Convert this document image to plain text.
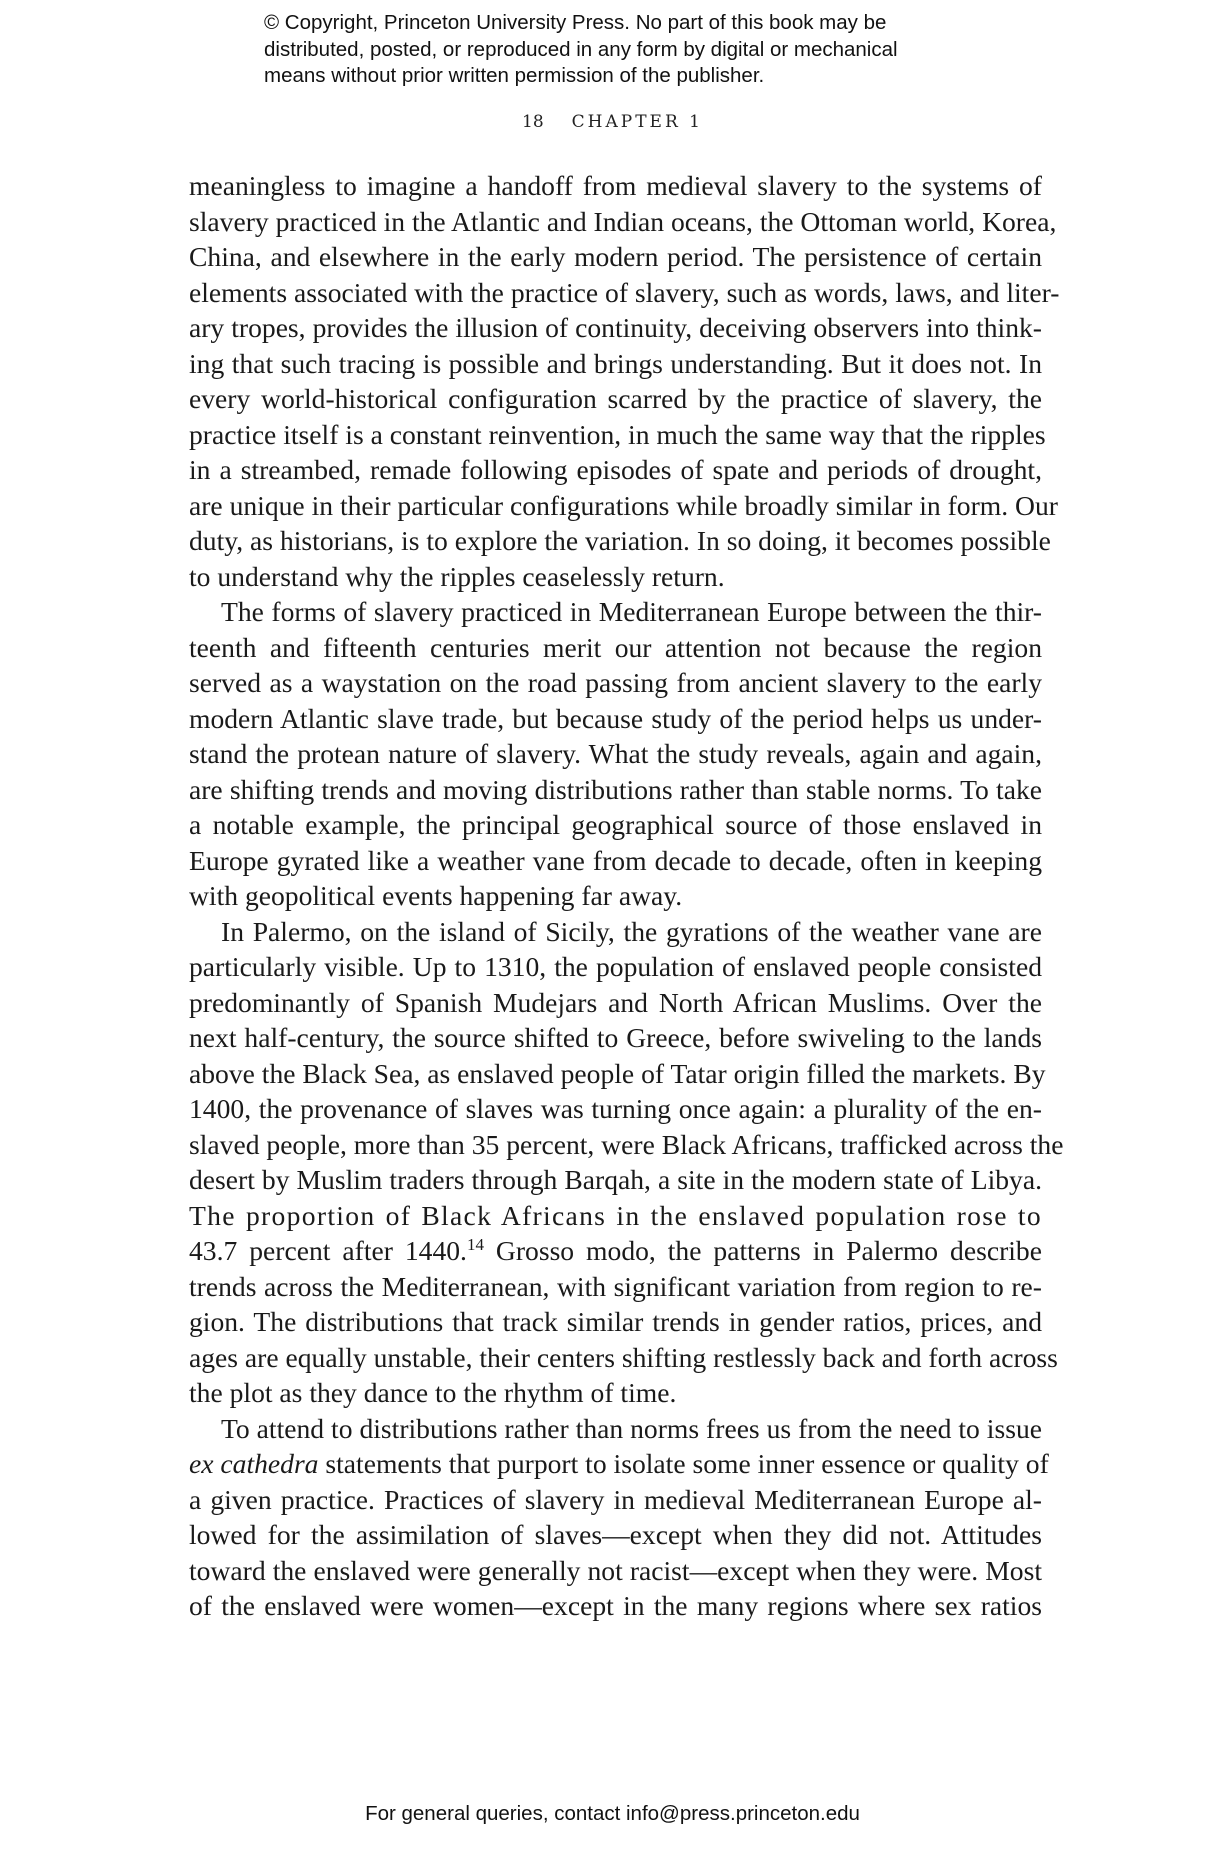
© Copyright, Princeton University Press. No part of this book may be
distributed, posted, or reproduced in any form by digital or mechanical
means without prior written permission of the publisher.
18 CHAPTER 1
meaningless to imagine a handoff from medieval slavery to the systems of
slavery practiced in the Atlantic and Indian oceans, the Ottoman world, Korea,
China, and elsewhere in the early modern period. The persistence of certain
elements associated with the practice of slavery, such as words, laws, and liter-
ary tropes, provides the illusion of continuity, deceiving observers into think-
ing that such tracing is possible and brings understanding. But it does not. In
every world-historical configuration scarred by the practice of slavery, the
practice itself is a constant reinvention, in much the same way that the ripples
in a streambed, remade following episodes of spate and periods of drought,
are unique in their particular configurations while broadly similar in form. Our
duty, as historians, is to explore the variation. In so doing, it becomes possible
to understand why the ripples ceaselessly return.
The forms of slavery practiced in Mediterranean Europe between the thir-
teenth and fifteenth centuries merit our attention not because the region
served as a waystation on the road passing from ancient slavery to the early
modern Atlantic slave trade, but because study of the period helps us under-
stand the protean nature of slavery. What the study reveals, again and again,
are shifting trends and moving distributions rather than stable norms. To take
a notable example, the principal geographical source of those enslaved in
Europe gyrated like a weather vane from decade to decade, often in keeping
with geopolitical events happening far away.
In Palermo, on the island of Sicily, the gyrations of the weather vane are
particularly visible. Up to 1310, the population of enslaved people consisted
predominantly of Spanish Mudejars and North African Muslims. Over the
next half-century, the source shifted to Greece, before swiveling to the lands
above the Black Sea, as enslaved people of Tatar origin filled the markets. By
1400, the provenance of slaves was turning once again: a plurality of the en-
slaved people, more than 35 percent, were Black Africans, trafficked across the
desert by Muslim traders through Barqah, a site in the modern state of Libya.
The proportion of Black Africans in the enslaved population rose to
43.7 percent after 1440.14 Grosso modo, the patterns in Palermo describe
trends across the Mediterranean, with significant variation from region to re-
gion. The distributions that track similar trends in gender ratios, prices, and
ages are equally unstable, their centers shifting restlessly back and forth across
the plot as they dance to the rhythm of time.
To attend to distributions rather than norms frees us from the need to issue
ex cathedra statements that purport to isolate some inner essence or quality of
a given practice. Practices of slavery in medieval Mediterranean Europe al-
lowed for the assimilation of slaves—except when they did not. Attitudes
toward the enslaved were generally not racist—except when they were. Most
of the enslaved were women—except in the many regions where sex ratios
For general queries, contact info@press.princeton.edu
